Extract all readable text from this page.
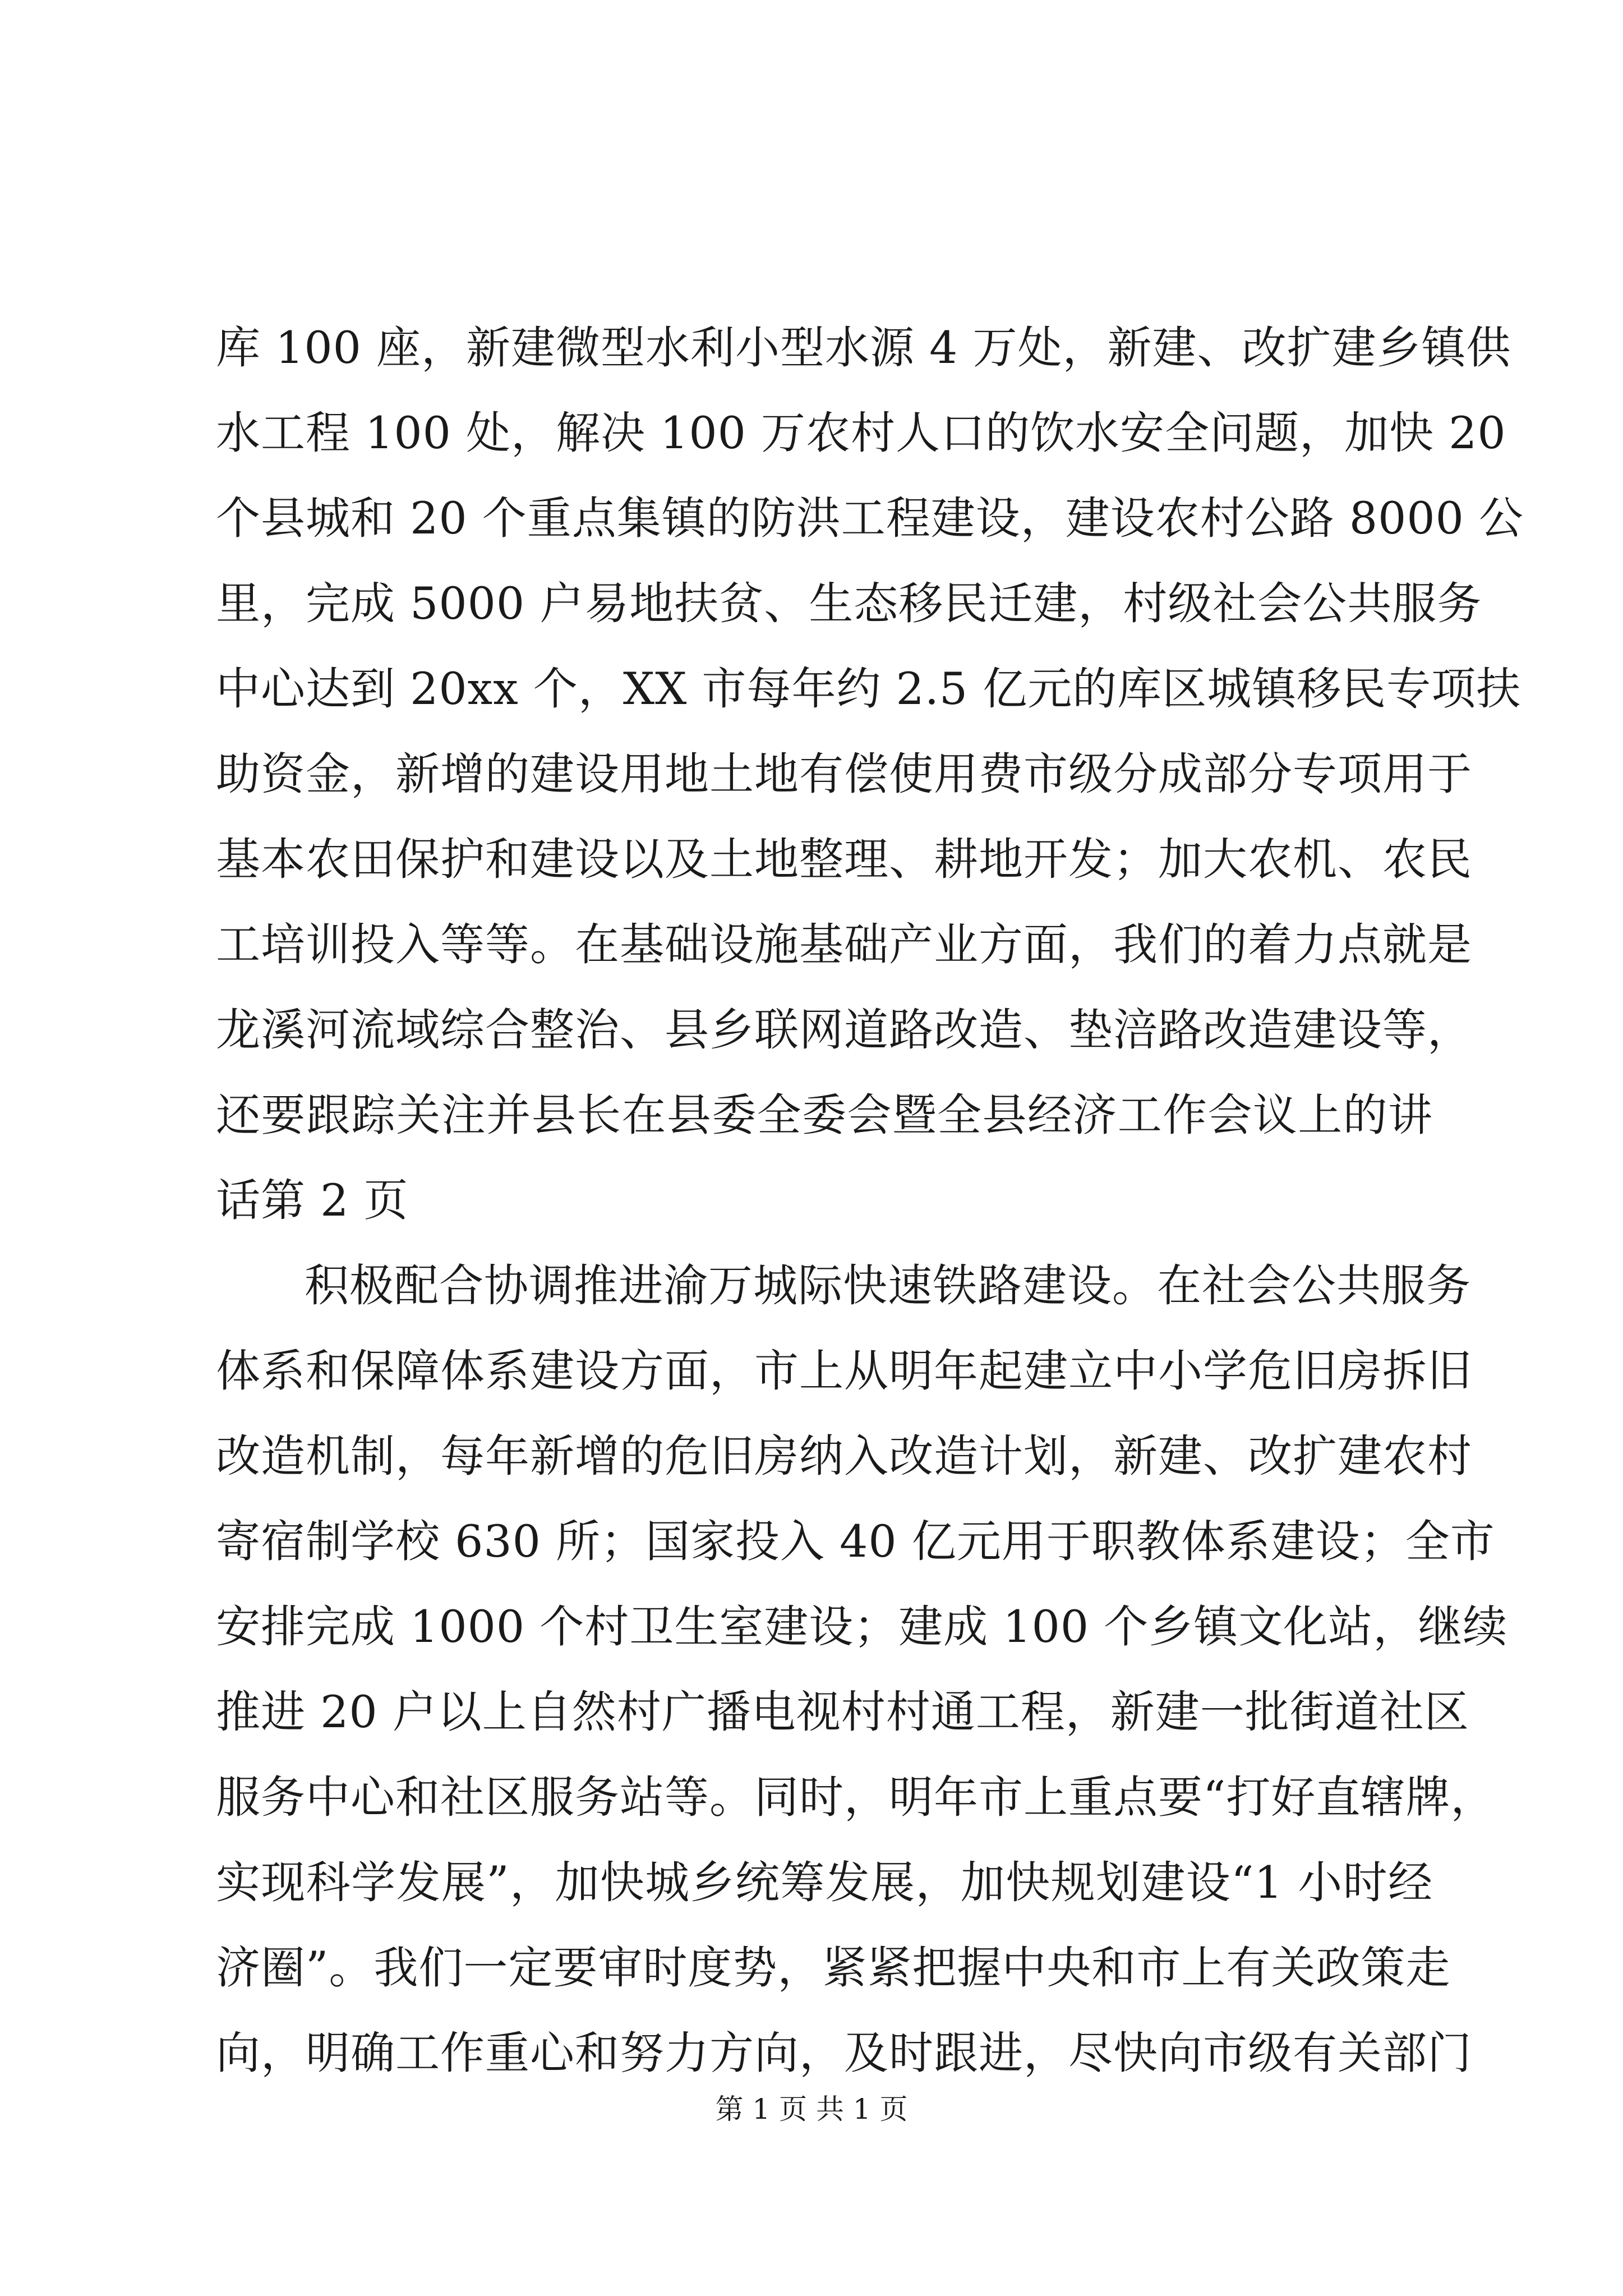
库 100 座，新建微型水利小型水源 4 万处，新建、改扩建乡镇供
水工程 100 处，解决 100 万农村人口的饮水安全问题，加快 20
个县城和 20 个重点集镇的防洪工程建设，建设农村公路 8000 公
里，完成 5000 户易地扶贫、生态移民迁建，村级社会公共服务
中心达到 20xx 个，XX 市每年约 2.5 亿元的库区城镇移民专项扶
助资金，新增的建设用地土地有偿使用费市级分成部分专项用于
基本农田保护和建设以及土地整理、耕地开发；加大农机、农民
工培训投入等等。在基础设施基础产业方面，我们的着力点就是
龙溪河流域综合整治、县乡联网道路改造、垫涪路改造建设等，
还要跟踪关注并县长在县委全委会暨全县经济工作会议上的讲
话第 2 页
积极配合协调推进渝万城际快速铁路建设。在社会公共服务
体系和保障体系建设方面，市上从明年起建立中小学危旧房拆旧
改造机制，每年新增的危旧房纳入改造计划，新建、改扩建农村
寄宿制学校 630 所；国家投入 40 亿元用于职教体系建设；全市
安排完成 1000 个村卫生室建设；建成 100 个乡镇文化站，继续
推进 20 户以上自然村广播电视村村通工程，新建一批街道社区
服务中心和社区服务站等。同时，明年市上重点要“打好直辖牌，
实现科学发展”，加快城乡统筹发展，加快规划建设“1 小时经
济圈”。我们一定要审时度势，紧紧把握中央和市上有关政策走
向，明确工作重心和努力方向，及时跟进，尽快向市级有关部门
第 1 页 共 1 页
